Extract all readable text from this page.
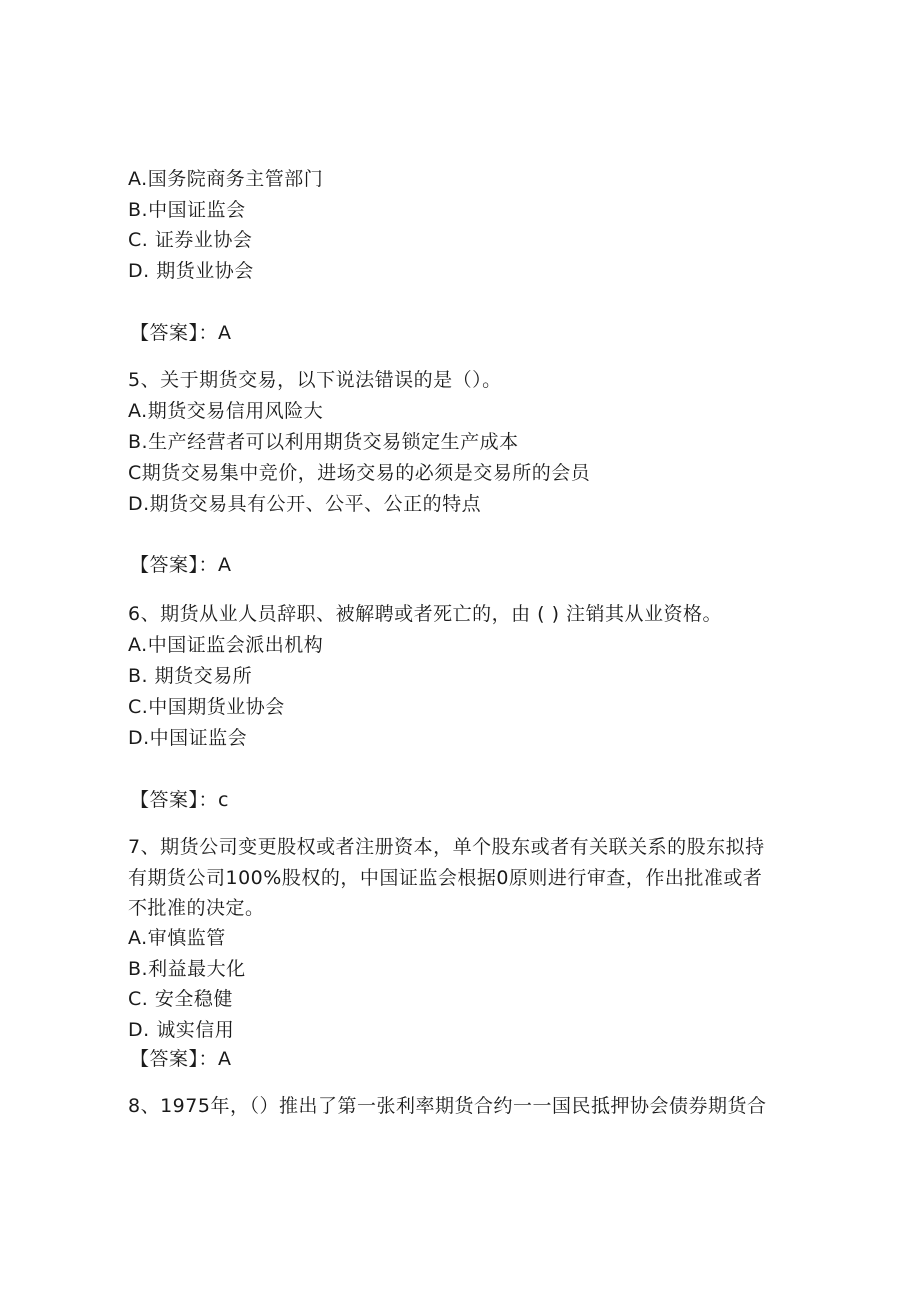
A.国务院商务主管部门
B.中国证监会
C. 证券业协会
D. 期货业协会
【答案】：A
5、关于期货交易，以下说法错误的是（）。
A.期货交易信用风险大
B.生产经营者可以利用期货交易锁定生产成本
C期货交易集中竞价，进场交易的必须是交易所的会员
D.期货交易具有公开、公平、公正的特点
【答案】：A
6、期货从业人员辞职、被解聘或者死亡的，由 ( ) 注销其从业资格。
A.中国证监会派出机构
B. 期货交易所
C.中国期货业协会
D.中国证监会
【答案】：c
7、期货公司变更股权或者注册资本，单个股东或者有关联关系的股东拟持
有期货公司100%股权的，中国证监会根据0原则进行审查，作出批准或者
不批准的决定。
A.审慎监管
B.利益最大化
C. 安全稳健
D. 诚实信用
【答案】：A
8、1975年，（）推出了第一张利率期货合约一一国民抵押协会债券期货合
